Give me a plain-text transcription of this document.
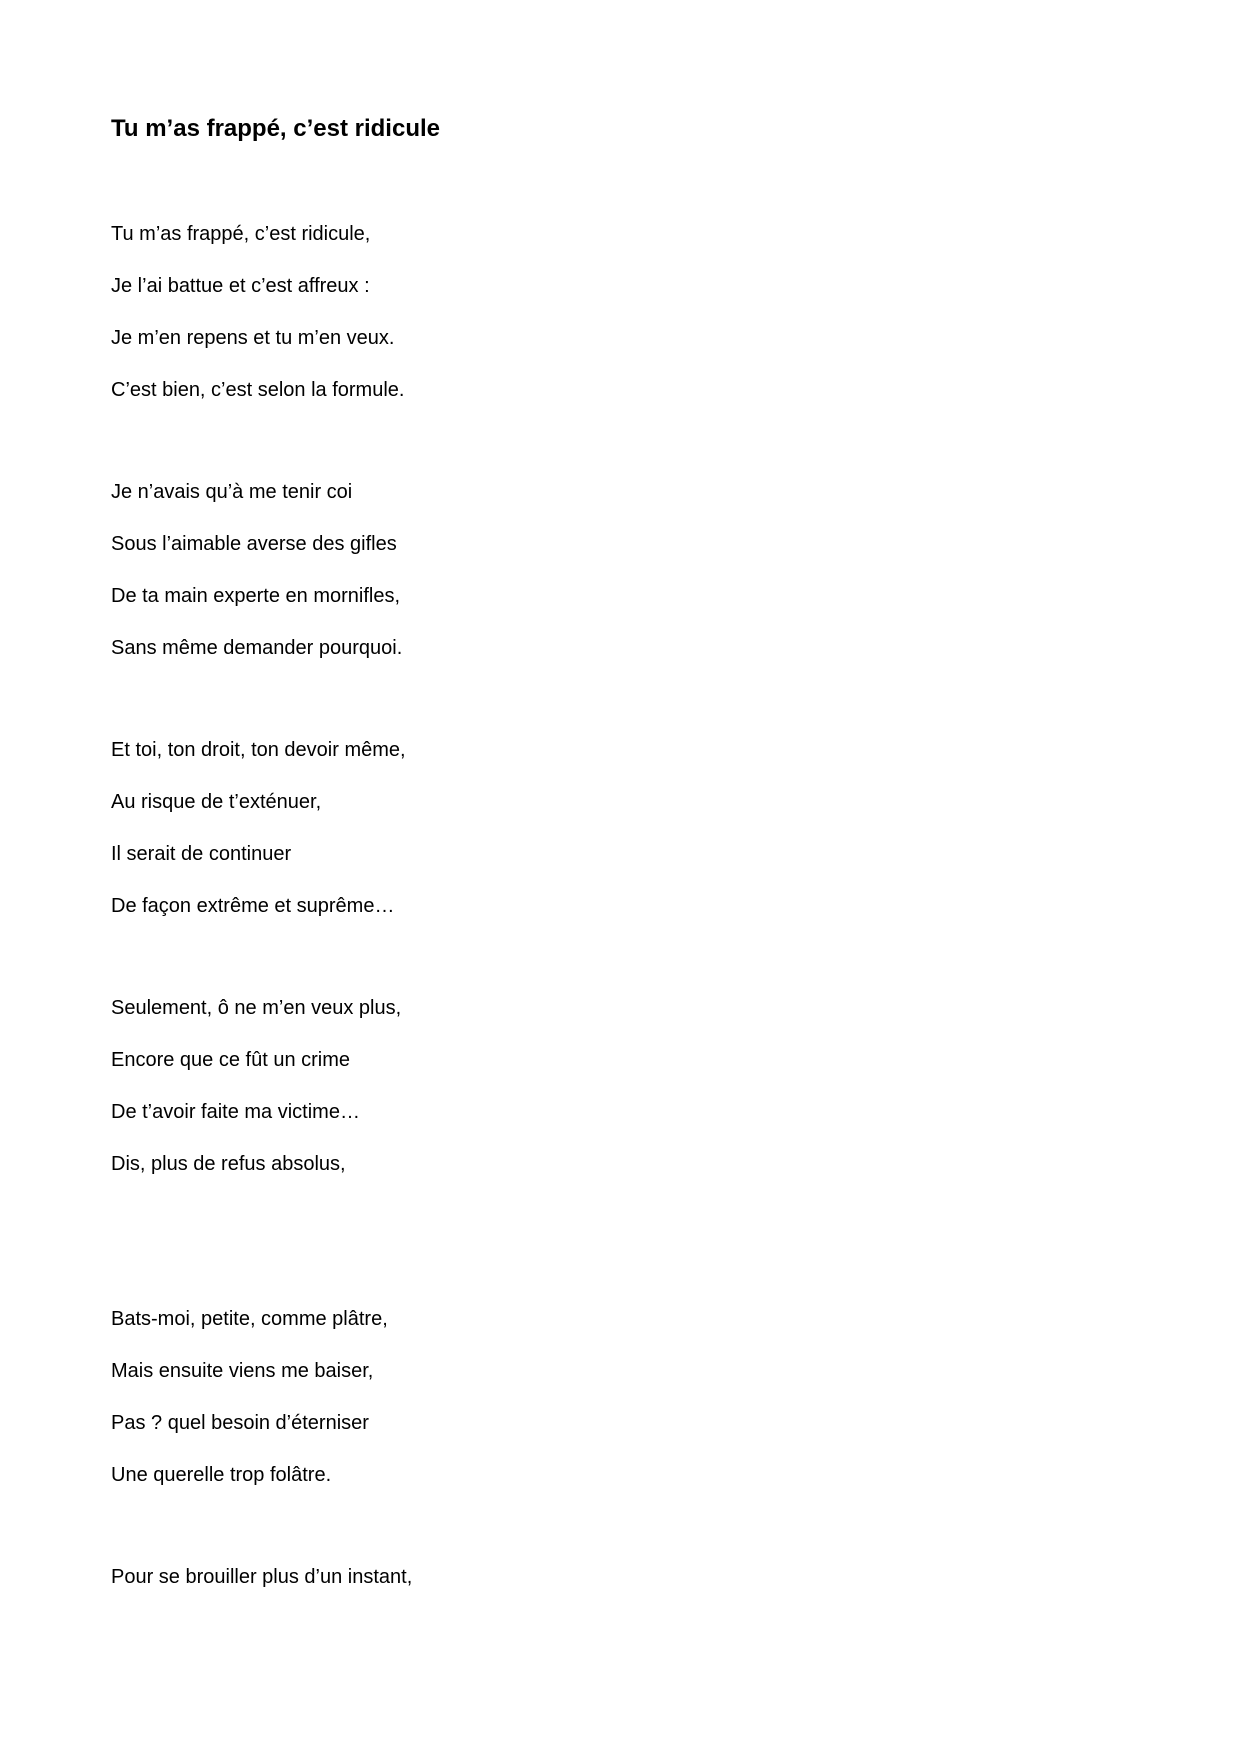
Tu m’as frappé, c’est ridicule

Tu m’as frappé, c’est ridicule,

Je l’ai battue et c’est affreux :

Je m’en repens et tu m’en veux.

C’est bien, c’est selon la formule.

Je n’avais qu’à me tenir coi

Sous l’aimable averse des gifles

De ta main experte en mornifles,

Sans même demander pourquoi.

Et toi, ton droit, ton devoir même,

Au risque de t’exténuer,

Il serait de continuer

De façon extrême et suprême…

Seulement, ô ne m’en veux plus,

Encore que ce fût un crime

De t’avoir faite ma victime…

Dis, plus de refus absolus,

Bats-moi, petite, comme plâtre,

Mais ensuite viens me baiser,

Pas ? quel besoin d’éterniser

Une querelle trop folâtre.

Pour se brouiller plus d’un instant,
